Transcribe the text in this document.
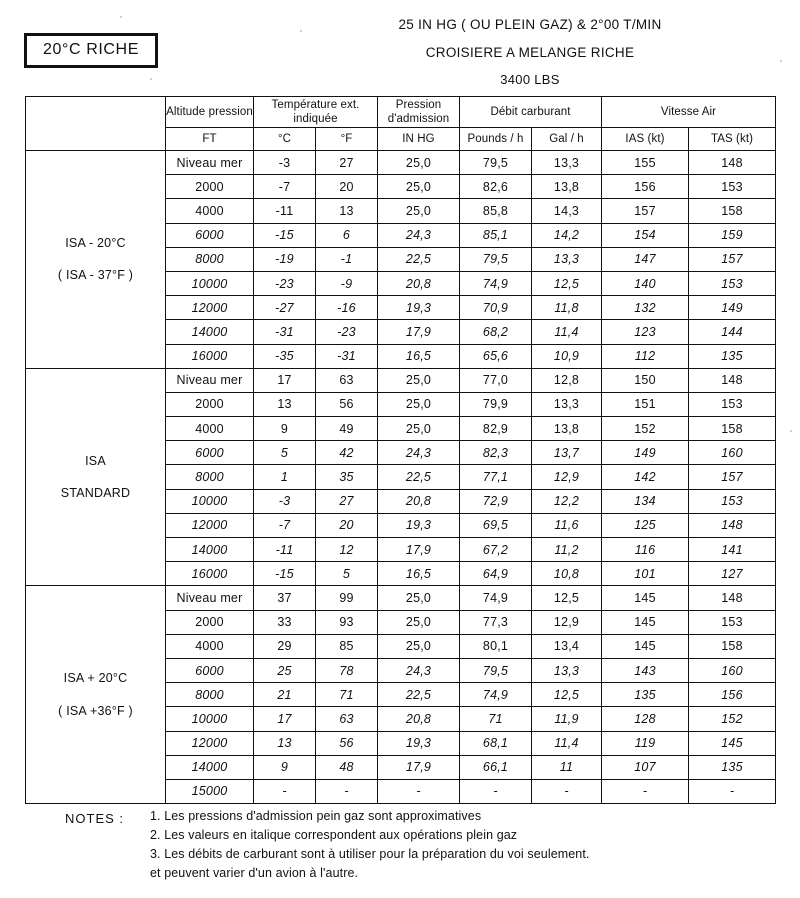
20°C RICHE
25 IN HG ( OU PLEIN GAZ) & 2°00 T/MIN
CROISIERE A MELANGE RICHE
3400 LBS
	Altitude pression	Température ext. indiquée		Pression d'admission	Débit carburant		Vitesse Air	
	FT	°C	°F	IN HG	Pounds / h	Gal / h	IAS (kt)	TAS (kt)

ISA - 20°C
( ISA - 37°F )	Niveau mer	-3	27	25,0	79,5	13,3	155	148
	2000	-7	20	25,0	82,6	13,8	156	153
	4000	-11	13	25,0	85,8	14,3	157	158
	6000	-15	6	24,3	85,1	14,2	154	159
	8000	-19	-1	22,5	79,5	13,3	147	157
	10000	-23	-9	20,8	74,9	12,5	140	153
	12000	-27	-16	19,3	70,9	11,8	132	149
	14000	-31	-23	17,9	68,2	11,4	123	144
	16000	-35	-31	16,5	65,6	10,9	112	135

ISA
STANDARD	Niveau mer	17	63	25,0	77,0	12,8	150	148
	2000	13	56	25,0	79,9	13,3	151	153
	4000	9	49	25,0	82,9	13,8	152	158
	6000	5	42	24,3	82,3	13,7	149	160
	8000	1	35	22,5	77,1	12,9	142	157
	10000	-3	27	20,8	72,9	12,2	134	153
	12000	-7	20	19,3	69,5	11,6	125	148
	14000	-11	12	17,9	67,2	11,2	116	141
	16000	-15	5	16,5	64,9	10,8	101	127

ISA + 20°C
( ISA +36°F )	Niveau mer	37	99	25,0	74,9	12,5	145	148
	2000	33	93	25,0	77,3	12,9	145	153
	4000	29	85	25,0	80,1	13,4	145	158
	6000	25	78	24,3	79,5	13,3	143	160
	8000	21	71	22,5	74,9	12,5	135	156
	10000	17	63	20,8	71	11,9	128	152
	12000	13	56	19,3	68,1	11,4	119	145
	14000	9	48	17,9	66,1	11	107	135
	15000	-	-	-	-	-	-	-
NOTES : 1. Les pressions d'admission pein gaz sont approximatives
2. Les valeurs en italique correspondent aux opérations plein gaz
3. Les débits de carburant sont à utiliser pour la préparation du voi seulement.
et peuvent varier d'un avion à l'autre.
